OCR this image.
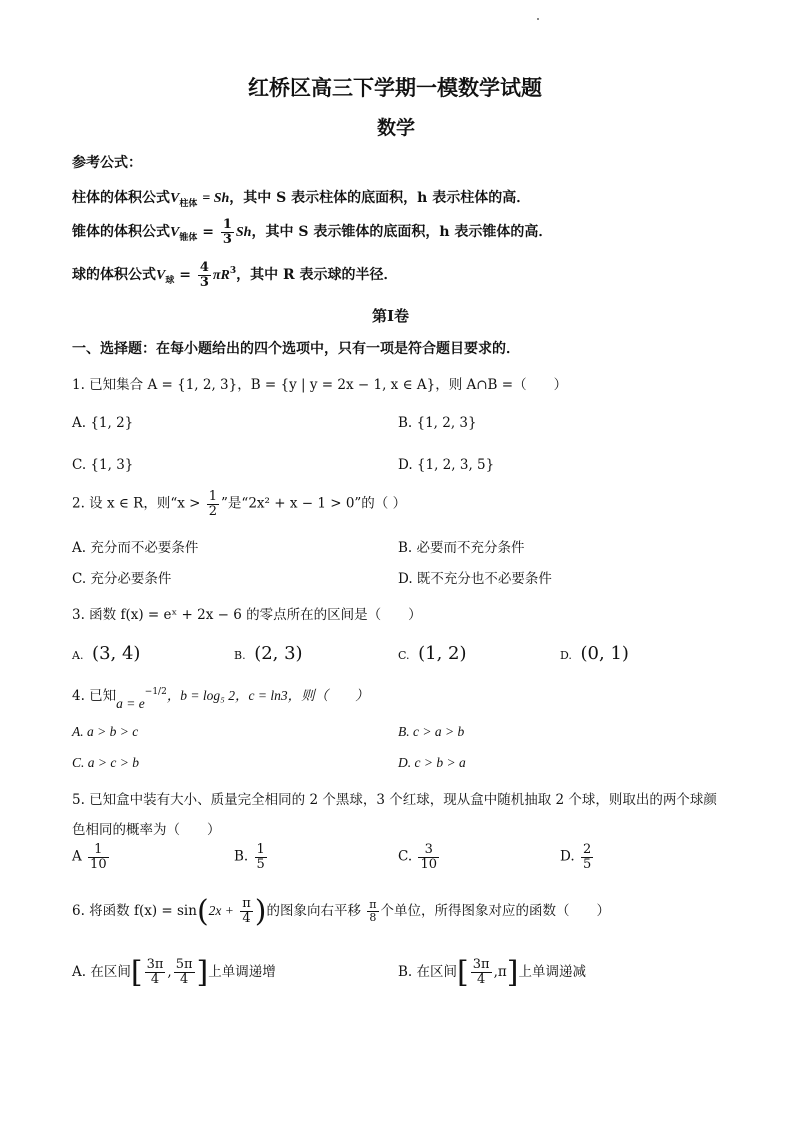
红桥区高三下学期一模数学试题
数学
参考公式：
柱体的体积公式$V_{柱体} = Sh$，其中 S 表示柱体的底面积，h 表示柱体的高．
锥体的体积公式$V_{锥体} = \frac{1}{3}$ Sh，其中 S 表示锥体的底面积，h 表示锥体的高．
球的体积公式$V_球 = \frac{4}{3} \pi R^3$，其中 R 表示球的半径．
第Ⅰ卷
一、选择题：在每小题给出的四个选项中，只有一项是符合题目要求的．
1. 已知集合 A = {1, 2, 3}，B = {y | y = 2x − 1, x ∈ A}，则 A∩B =（　　）
A. {1, 2}	B. {1, 2, 3}
C. {1, 3}	D. {1, 2, 3, 5}
2. 设 x ∈ R，则“$x > \frac{1}{2}$ ”是“2x² + x − 1 > 0”的（ ）
A. 充分而不必要条件	B. 必要而不充分条件
C. 充分必要条件	D. 既不充分也不必要条件
3. 函数 f(x) = eˣ + 2x − 6 的零点所在的区间是（　　）
A. (3, 4)	B. (2, 3)	C. (1, 2)	D. (0, 1)
4. 已知$a = e^{-1/2}$，b = log₅ 2，c = ln3，则（　　）
A. a > b > c	B. c > a > b
C. a > c > b	D. c > b > a
5. 已知盒中装有大小、质量完全相同的 2 个黑球，3 个红球，现从盒中随机抽取 2 个球，则取出的两个球颜
色相同的概率为（　　）
A $\frac{1}{10}$	B. $\frac{1}{5}$	C. $\frac{3}{10}$	D. $\frac{2}{5}$
6. 将函数 $f(x) = \sin(2x + \frac{\pi}{4}$ )的图象向右平移 $\frac{\pi}{8}$ 个单位，所得图象对应的函数（　　）
A. 在区间[ $\frac{3\pi}{4}$ , $\frac{5\pi}{4}$ ]上单调递增	B. 在区间[ $\frac{3\pi}{4} ,\pi$]上单调递减
